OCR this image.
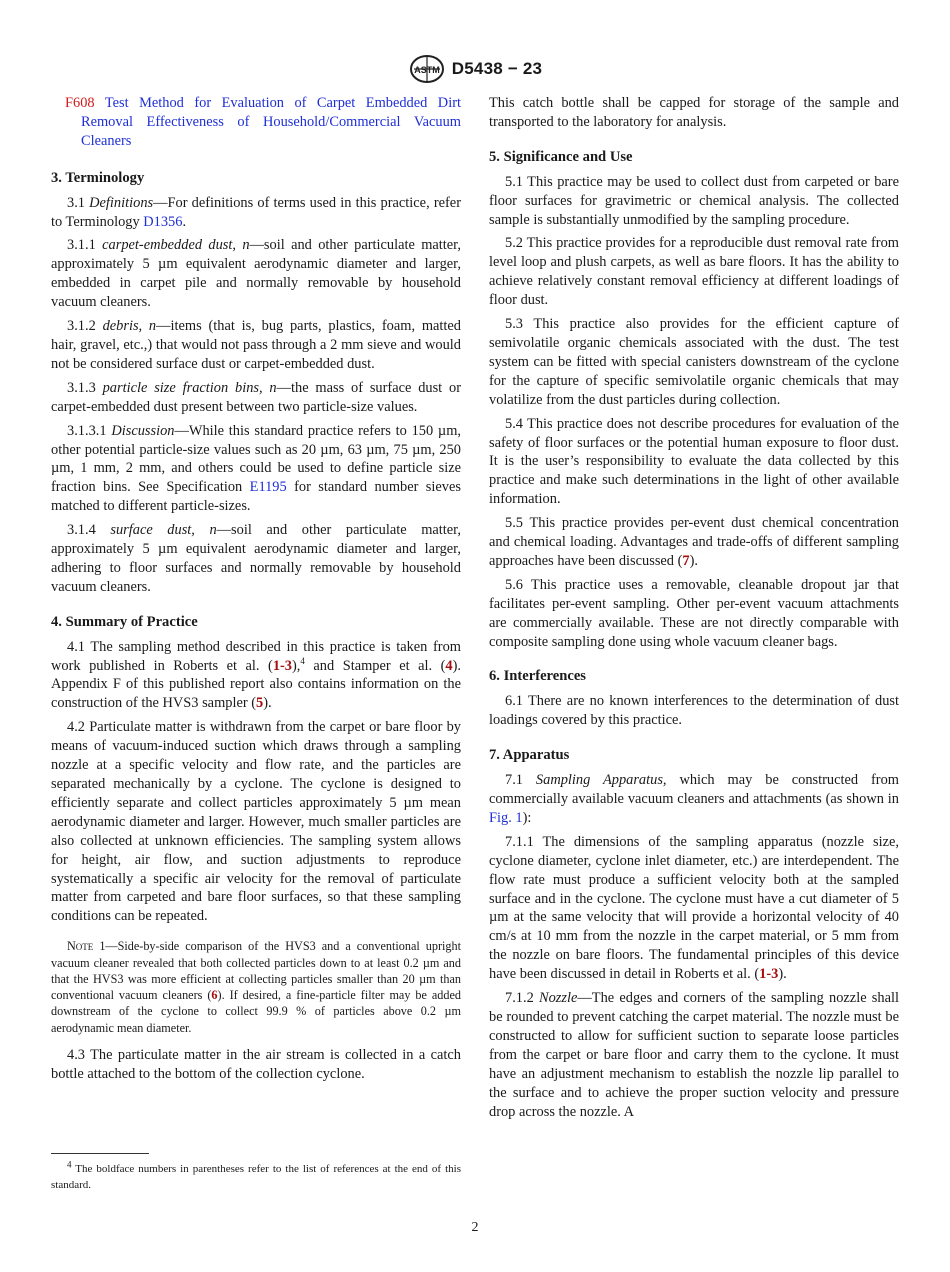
ASTM D5438 − 23

F608 Test Method for Evaluation of Carpet Embedded Dirt Removal Effectiveness of Household/Commercial Vacuum Cleaners

3. Terminology

3.1 Definitions—For definitions of terms used in this practice, refer to Terminology D1356.

3.1.1 carpet-embedded dust, n—soil and other particulate matter, approximately 5 µm equivalent aerodynamic diameter and larger, embedded in carpet pile and normally removable by household vacuum cleaners.

3.1.2 debris, n—items (that is, bug parts, plastics, foam, matted hair, gravel, etc.,) that would not pass through a 2 mm sieve and would not be considered surface dust or carpet-embedded dust.

3.1.3 particle size fraction bins, n—the mass of surface dust or carpet-embedded dust present between two particle-size values.

3.1.3.1 Discussion—While this standard practice refers to 150 µm, other potential particle-size values such as 20 µm, 63 µm, 75 µm, 250 µm, 1 mm, 2 mm, and others could be used to define particle size fraction bins. See Specification E1195 for standard number sieves matched to different particle-sizes.

3.1.4 surface dust, n—soil and other particulate matter, approximately 5 µm equivalent aerodynamic diameter and larger, adhering to floor surfaces and normally removable by household vacuum cleaners.

4. Summary of Practice

4.1 The sampling method described in this practice is taken from work published in Roberts et al. (1-3),$^4$ and Stamper et al. (4). Appendix F of this published report also contains information on the construction of the HVS3 sampler (5).

4.2 Particulate matter is withdrawn from the carpet or bare floor by means of vacuum-induced suction which draws through a sampling nozzle at a specific velocity and flow rate, and the particles are separated mechanically by a cyclone. The cyclone is designed to efficiently separate and collect particles approximately 5 µm mean aerodynamic diameter and larger. However, much smaller particles are also collected at unknown efficiencies. The sampling system allows for height, air flow, and suction adjustments to reproduce systematically a specific air velocity for the removal of particulate matter from carpeted and bare floor surfaces, so that these sampling conditions can be repeated.

Note 1—Side-by-side comparison of the HVS3 and a conventional upright vacuum cleaner revealed that both collected particles down to at least 0.2 µm and that the HVS3 was more efficient at collecting particles smaller than 20 µm than conventional vacuum cleaners (6). If desired, a fine-particle filter may be added downstream of the cyclone to collect 99.9 % of particles above 0.2 µm aerodynamic mean diameter.

4.3 The particulate matter in the air stream is collected in a catch bottle attached to the bottom of the collection cyclone.

$^4$ The boldface numbers in parentheses refer to the list of references at the end of this standard.

This catch bottle shall be capped for storage of the sample and transported to the laboratory for analysis.

5. Significance and Use

5.1 This practice may be used to collect dust from carpeted or bare floor surfaces for gravimetric or chemical analysis. The collected sample is substantially unmodified by the sampling procedure.

5.2 This practice provides for a reproducible dust removal rate from level loop and plush carpets, as well as bare floors. It has the ability to achieve relatively constant removal efficiency at different loadings of floor dust.

5.3 This practice also provides for the efficient capture of semivolatile organic chemicals associated with the dust. The test system can be fitted with special canisters downstream of the cyclone for the capture of specific semivolatile organic chemicals that may volatilize from the dust particles during collection.

5.4 This practice does not describe procedures for evaluation of the safety of floor surfaces or the potential human exposure to floor dust. It is the user’s responsibility to evaluate the data collected by this practice and make such determinations in the light of other available information.

5.5 This practice provides per-event dust chemical concentration and chemical loading. Advantages and trade-offs of different sampling approaches have been discussed (7).

5.6 This practice uses a removable, cleanable dropout jar that facilitates per-event sampling. Other per-event vacuum attachments are commercially available. These are not directly comparable with composite sampling done using whole vacuum cleaner bags.

6. Interferences

6.1 There are no known interferences to the determination of dust loadings covered by this practice.

7. Apparatus

7.1 Sampling Apparatus, which may be constructed from commercially available vacuum cleaners and attachments (as shown in Fig. 1):

7.1.1 The dimensions of the sampling apparatus (nozzle size, cyclone diameter, cyclone inlet diameter, etc.) are interdependent. The flow rate must produce a sufficient velocity both at the sampled surface and in the cyclone. The cyclone must have a cut diameter of 5 µm at the same velocity that will provide a horizontal velocity of 40 cm/s at 10 mm from the nozzle in the carpet material, or 5 mm from the nozzle on bare floors. The fundamental principles of this device have been discussed in detail in Roberts et al. (1-3).

7.1.2 Nozzle—The edges and corners of the sampling nozzle shall be rounded to prevent catching the carpet material. The nozzle must be constructed to allow for sufficient suction to separate loose particles from the carpet or bare floor and carry them to the cyclone. It must have an adjustment mechanism to establish the nozzle lip parallel to the surface and to achieve the proper suction velocity and pressure drop across the nozzle. A

2
